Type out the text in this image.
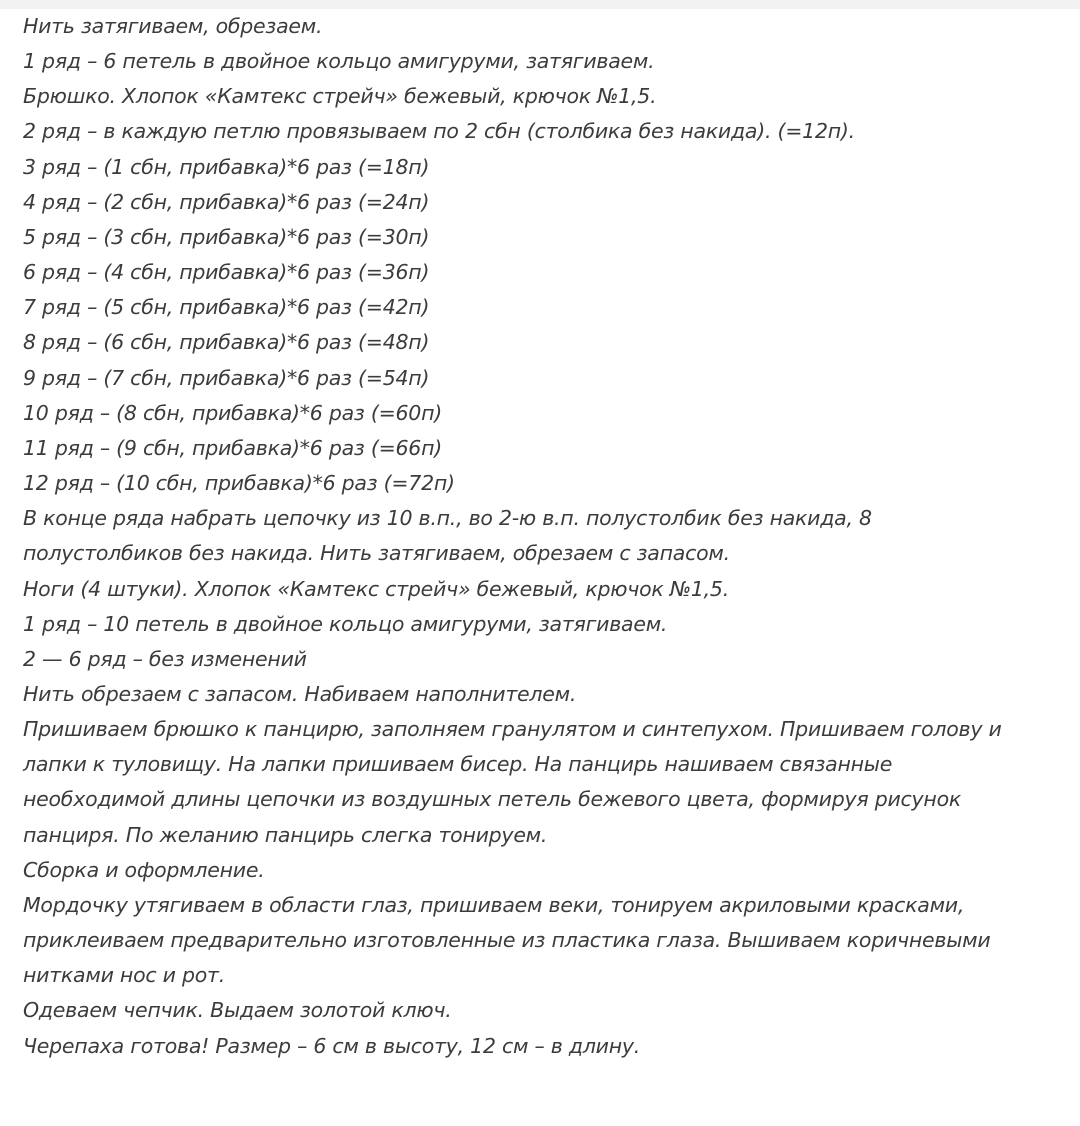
Нить затягиваем, обрезаем.

1 ряд – 6 петель в двойное кольцо амигуруми, затягиваем.

Брюшко. Хлопок «Камтекс стрейч» бежевый, крючок №1,5.

2 ряд – в каждую петлю провязываем по 2 сбн (столбика без накида). (=12п).

3 ряд – (1 сбн, прибавка)*6 раз (=18п)

4 ряд – (2 сбн, прибавка)*6 раз (=24п)

5 ряд – (3 сбн, прибавка)*6 раз (=30п)

6 ряд – (4 сбн, прибавка)*6 раз (=36п)

7 ряд – (5 сбн, прибавка)*6 раз (=42п)

8 ряд – (6 сбн, прибавка)*6 раз (=48п)

9 ряд – (7 сбн, прибавка)*6 раз (=54п)

10 ряд – (8 сбн, прибавка)*6 раз (=60п)

11 ряд – (9 сбн, прибавка)*6 раз (=66п)

12 ряд – (10 сбн, прибавка)*6 раз (=72п)

В конце ряда набрать цепочку из 10 в.п., во 2-ю в.п. полустолбик без накида, 8

полустолбиков без накида. Нить затягиваем, обрезаем с запасом.

Ноги (4 штуки). Хлопок «Камтекс стрейч» бежевый, крючок №1,5.

1 ряд – 10 петель в двойное кольцо амигуруми, затягиваем.

2 — 6 ряд – без изменений

Нить обрезаем с запасом. Набиваем наполнителем.

Пришиваем брюшко к панцирю, заполняем гранулятом и синтепухом. Пришиваем голову и

лапки к туловищу. На лапки пришиваем бисер. На панцирь нашиваем связанные

необходимой длины цепочки из воздушных петель бежевого цвета, формируя рисунок

панциря. По желанию панцирь слегка тонируем.

Сборка и оформление.

Мордочку утягиваем в области глаз, пришиваем веки, тонируем акриловыми красками,

приклеиваем предварительно изготовленные из пластика глаза. Вышиваем коричневыми

нитками нос и рот.

Одеваем чепчик. Выдаем золотой ключ.

Черепаха готова! Размер – 6 см в высоту, 12 см – в длину.
